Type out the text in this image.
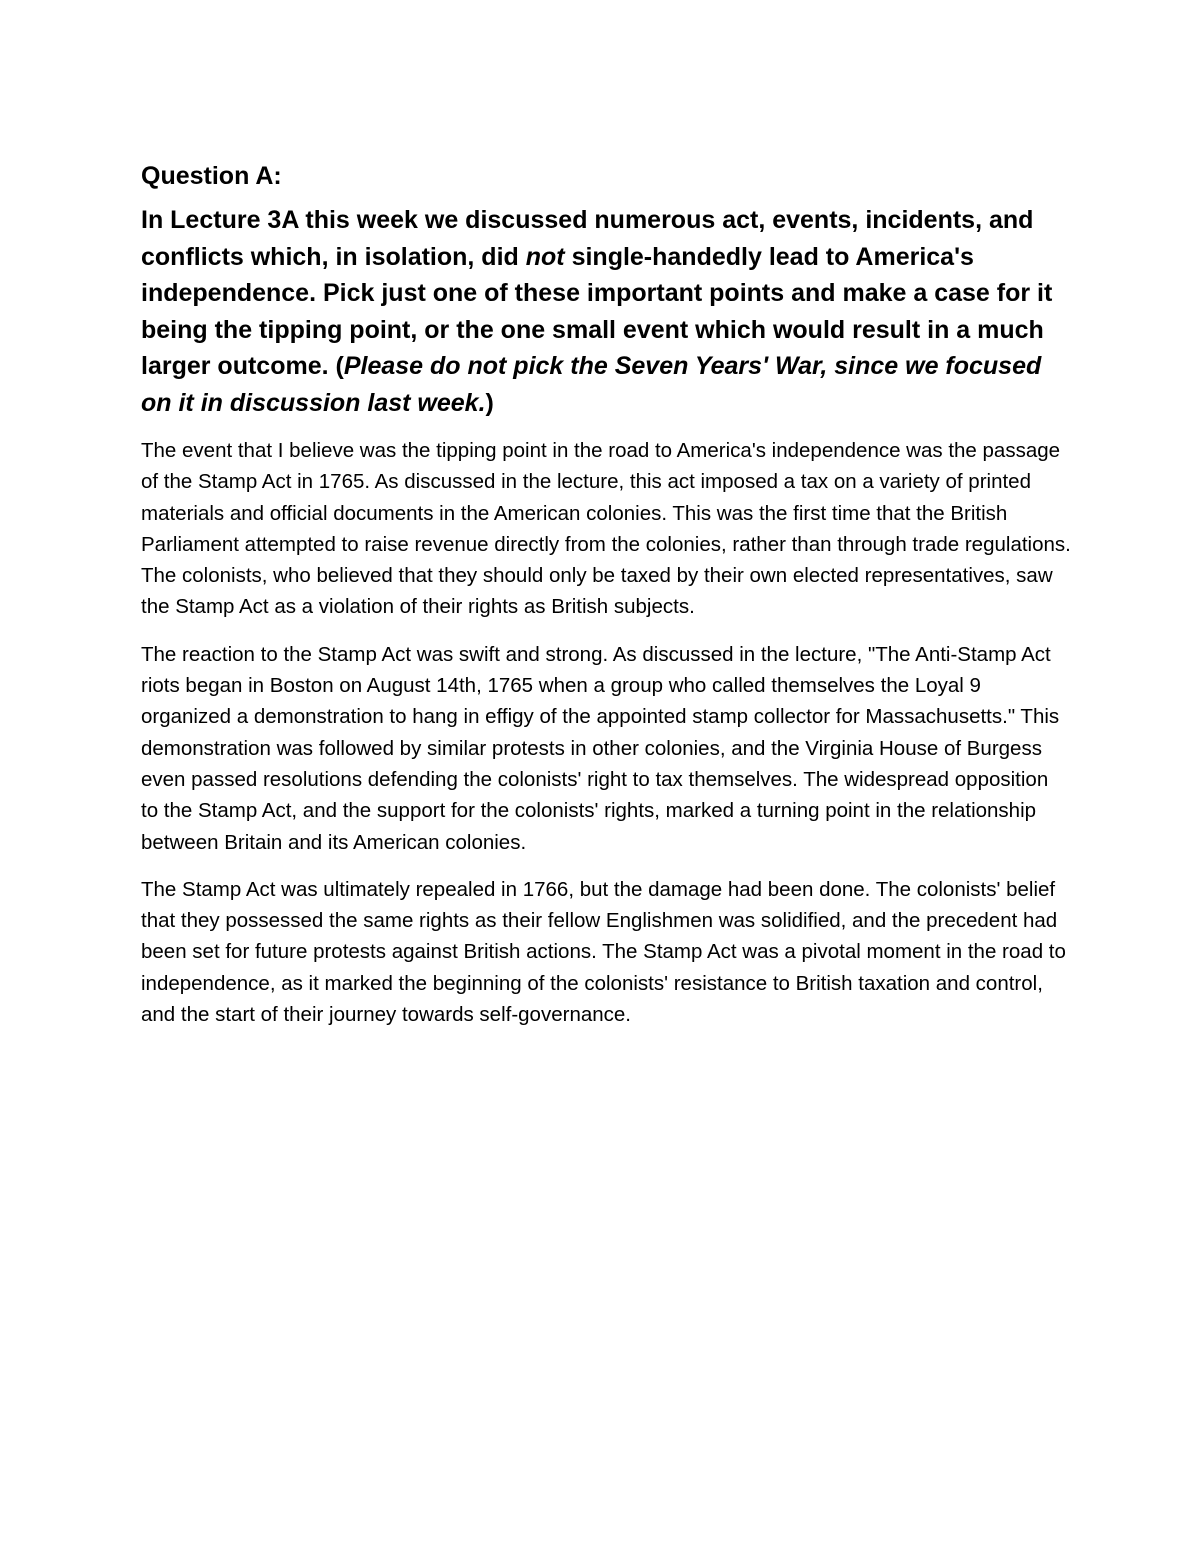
Question A:
In Lecture 3A this week we discussed numerous act, events, incidents, and conflicts which, in isolation, did not single-handedly lead to America's independence. Pick just one of these important points and make a case for it being the tipping point, or the one small event which would result in a much larger outcome. (Please do not pick the Seven Years' War, since we focused on it in discussion last week.)

The event that I believe was the tipping point in the road to America's independence was the passage of the Stamp Act in 1765. As discussed in the lecture, this act imposed a tax on a variety of printed materials and official documents in the American colonies. This was the first time that the British Parliament attempted to raise revenue directly from the colonies, rather than through trade regulations. The colonists, who believed that they should only be taxed by their own elected representatives, saw the Stamp Act as a violation of their rights as British subjects.

The reaction to the Stamp Act was swift and strong. As discussed in the lecture, "The Anti-Stamp Act riots began in Boston on August 14th, 1765 when a group who called themselves the Loyal 9 organized a demonstration to hang in effigy of the appointed stamp collector for Massachusetts." This demonstration was followed by similar protests in other colonies, and the Virginia House of Burgess even passed resolutions defending the colonists' right to tax themselves. The widespread opposition to the Stamp Act, and the support for the colonists' rights, marked a turning point in the relationship between Britain and its American colonies.

The Stamp Act was ultimately repealed in 1766, but the damage had been done. The colonists' belief that they possessed the same rights as their fellow Englishmen was solidified, and the precedent had been set for future protests against British actions. The Stamp Act was a pivotal moment in the road to independence, as it marked the beginning of the colonists' resistance to British taxation and control, and the start of their journey towards self-governance.
